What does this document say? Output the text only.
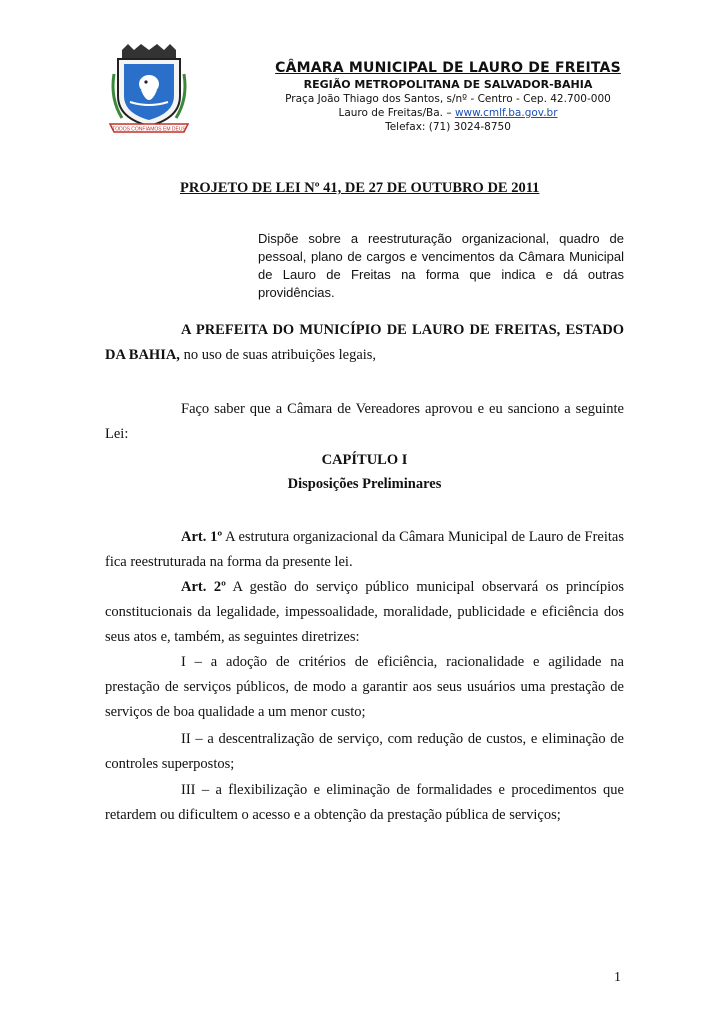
TODOS CONFIAMOS EM DEUS
CÂMARA MUNICIPAL DE LAURO DE FREITAS
REGIÃO METROPOLITANA DE SALVADOR-BAHIA
Praça João Thiago dos Santos, s/nº - Centro - Cep. 42.700-000
Lauro de Freitas/Ba. – www.cmlf.ba.gov.br
Telefax: (71) 3024-8750
PROJETO DE LEI Nº 41, DE 27 DE OUTUBRO DE 2011
Dispõe sobre a reestruturação organizacional, quadro de pessoal, plano de cargos e vencimentos da Câmara Municipal de Lauro de Freitas na forma que indica e dá outras providências.
A PREFEITA DO MUNICÍPIO DE LAURO DE FREITAS, ESTADO DA BAHIA, no uso de suas atribuições legais,
Faço saber que a Câmara de Vereadores aprovou e eu sanciono a seguinte Lei:
CAPÍTULO I
Disposições Preliminares
Art. 1º A estrutura organizacional da Câmara Municipal de Lauro de Freitas fica reestruturada na forma da presente lei.
Art. 2º A gestão do serviço público municipal observará os princípios constitucionais da legalidade, impessoalidade, moralidade, publicidade e eficiência dos seus atos e, também, as seguintes diretrizes:
I – a adoção de critérios de eficiência, racionalidade e agilidade na prestação de serviços públicos, de modo a garantir aos seus usuários uma prestação de serviços de boa qualidade a um menor custo;
II – a descentralização de serviço, com redução de custos, e eliminação de controles superpostos;
III – a flexibilização e eliminação de formalidades e procedimentos que retardem ou dificultem o acesso e a obtenção da prestação pública de serviços;
1
